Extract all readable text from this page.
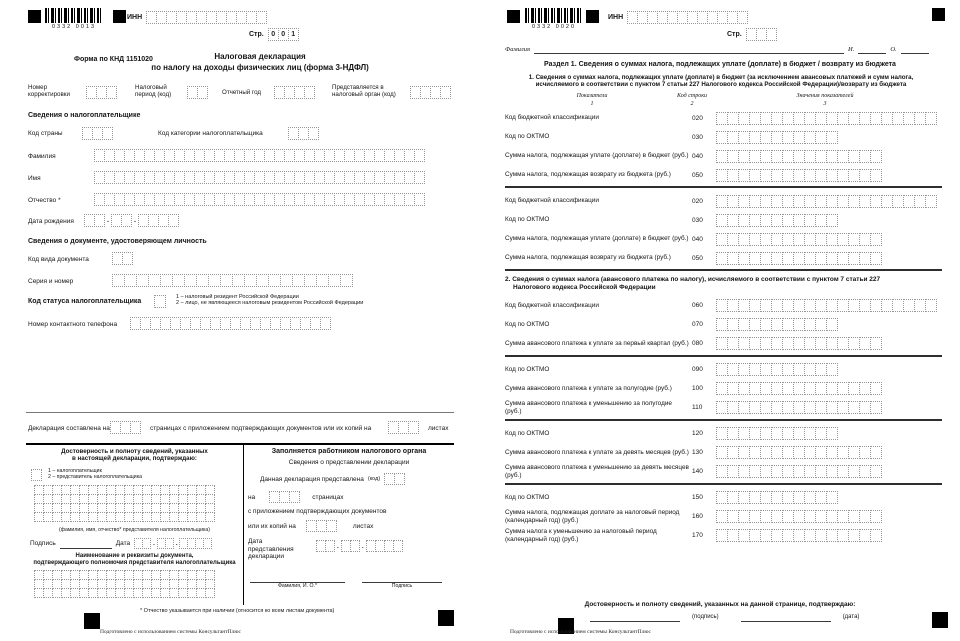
0332 0013
ИНН
Стр.	0 0 1
Форма по КНД 1151020	Налоговая декларация
по налогу на доходы физических лиц (форма 3-НДФЛ)
Номер корректировки
Налоговый период (код)	Отчетный год
Представляется в налоговый орган (код)
Сведения о налогоплательщике
Код страны	Код категории налогоплательщика
Фамилия
Имя
Отчество *
Дата рождения	.	.
Сведения о документе, удостоверяющем личность
Код вида документа
Серия и номер
Код статуса налогоплательщика
1 – налоговый резидент Российской Федерации
2 – лицо, не являющееся налоговым резидентом Российской Федерации
Номер контактного телефона
Декларация составлена на	страницах с приложением подтверждающих документов или их копий на	листах
Достоверность и полноту сведений, указанных
в настоящей декларации, подтверждаю:
1 – налогоплательщик
2 – представитель налогоплательщика
(фамилия, имя, отчество* представителя налогоплательщика)
Подпись	Дата	.	.
Наименование и реквизиты документа,
подтверждающего полномочия представителя налогоплательщика
Заполняется работником налогового органа
Сведения о представлении декларации
Данная декларация представлена (код)
на	страницах
с приложением подтверждающих документов
или их копий на	листах
Дата представления
декларации
.	.
Фамилия, И. О.*	Подпись
* Отчество указывается при наличии (относится ко всем листам документа)
Подготовлено с использованием системы КонсультантПлюс
0332 0020
ИНН
Стр.
Фамилия	И.	О.
Раздел 1. Сведения о суммах налога, подлежащих уплате (доплате) в бюджет / возврату из бюджета
1. Сведения о суммах налога, подлежащих уплате (доплате) в бюджет (за исключением авансовых платежей и сумм налога,
исчисляемого в соответствии с пунктом 7 статьи 227 Налогового кодекса Российской Федерации)/возврату из бюджета
Показатели
1
Код строки
2
Значения показателей
3
Код бюджетной классификации	020
Код по ОКТМО	030
Сумма налога, подлежащая уплате (доплате) в бюджет (руб.) 040
Сумма налога, подлежащая возврату из бюджета (руб.)	050
Код бюджетной классификации	020
Код по ОКТМО	030
Сумма налога, подлежащая уплате (доплате) в бюджет (руб.) 040
Сумма налога, подлежащая возврату из бюджета (руб.)	050
2. Сведения о суммах налога (авансового платежа по налогу), исчисляемого в соответствии с пунктом 7 статьи 227
Налогового кодекса Российской Федерации
Код бюджетной классификации	060
Код по ОКТМО	070
Сумма авансового платежа к уплате за первый квартал (руб.) 080
Код по ОКТМО	090
Сумма авансового платежа к уплате за полугодие (руб.)	100
Сумма авансового платежа к уменьшению за полугодие (руб.)	110
Код по ОКТМО	120
Сумма авансового платежа к уплате за девять месяцев (руб.) 130
Сумма авансового платежа к уменьшению за девять месяцев (руб.)	140
Код по ОКТМО	150
Сумма налога, подлежащая доплате за налоговый период (календарный год) (руб.)	160
Сумма налога к уменьшению за налоговый период (календарный год) (руб.)	170
Достоверность и полноту сведений, указанных на данной странице, подтверждаю:
(подпись)	(дата)
Подготовлено с использованием системы КонсультантПлюс
